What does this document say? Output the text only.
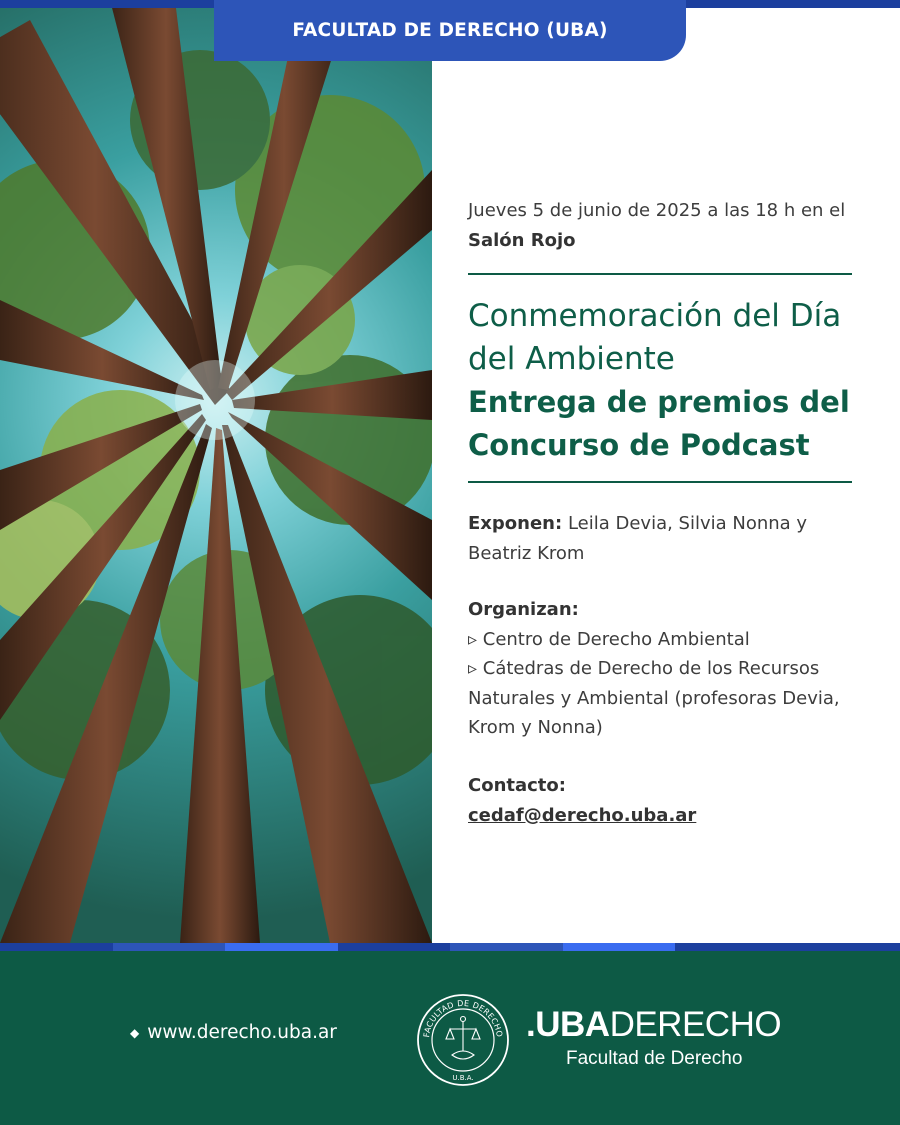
FACULTAD DE DERECHO (UBA)
Jueves 5 de junio de 2025 a las 18 h en el Salón Rojo
Conmemoración del Día del Ambiente
Entrega de premios del Concurso de Podcast
Exponen: Leila Devia, Silvia Nonna y Beatriz Krom
Organizan:
▹ Centro de Derecho Ambiental
▹ Cátedras de Derecho de los Recursos Naturales y Ambiental (profesoras Devia, Krom y Nonna)
Contacto:
cedaf@derecho.uba.ar
◆ www.derecho.uba.ar	FACULTAD DE DERECHO
U.B.A.
.UBADERECHO
Facultad de Derecho
